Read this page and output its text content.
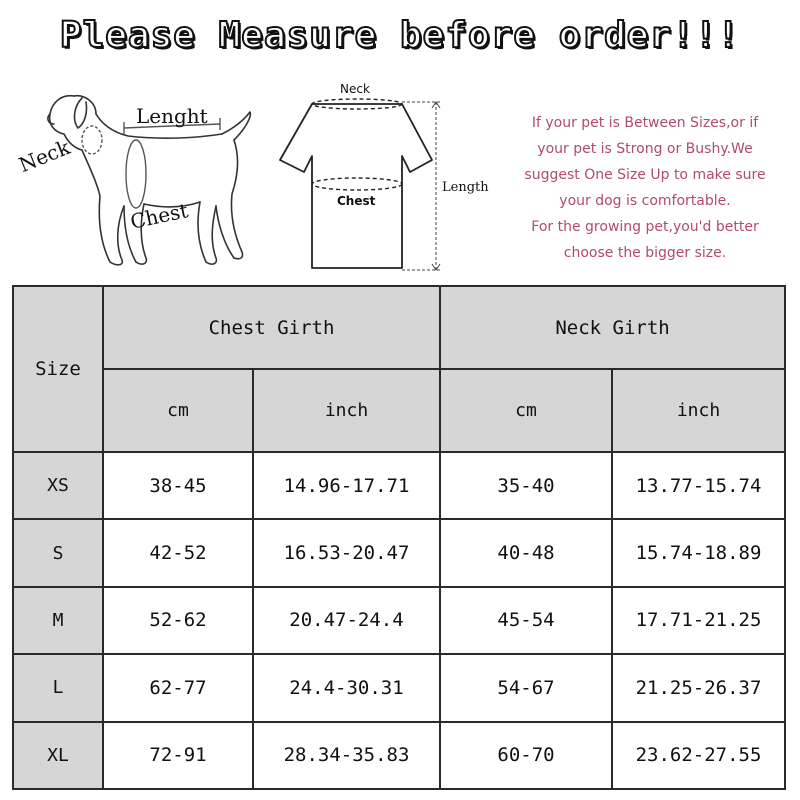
Please Measure before order!!!
Neck
Lenght
Chest
Neck
Chest
Length
If your pet is Between Sizes,or if
your pet is Strong or Bushy.We
suggest One Size Up to make sure
your dog is comfortable.
For the growing pet,you'd better
choose the bigger size.
Size	Chest Girth		Neck Girth	
	cm	inch	cm	inch
XS	38-45	14.96-17.71	35-40	13.77-15.74
S	42-52	16.53-20.47	40-48	15.74-18.89
M	52-62	20.47-24.4	45-54	17.71-21.25
L	62-77	24.4-30.31	54-67	21.25-26.37
XL	72-91	28.34-35.83	60-70	23.62-27.55
